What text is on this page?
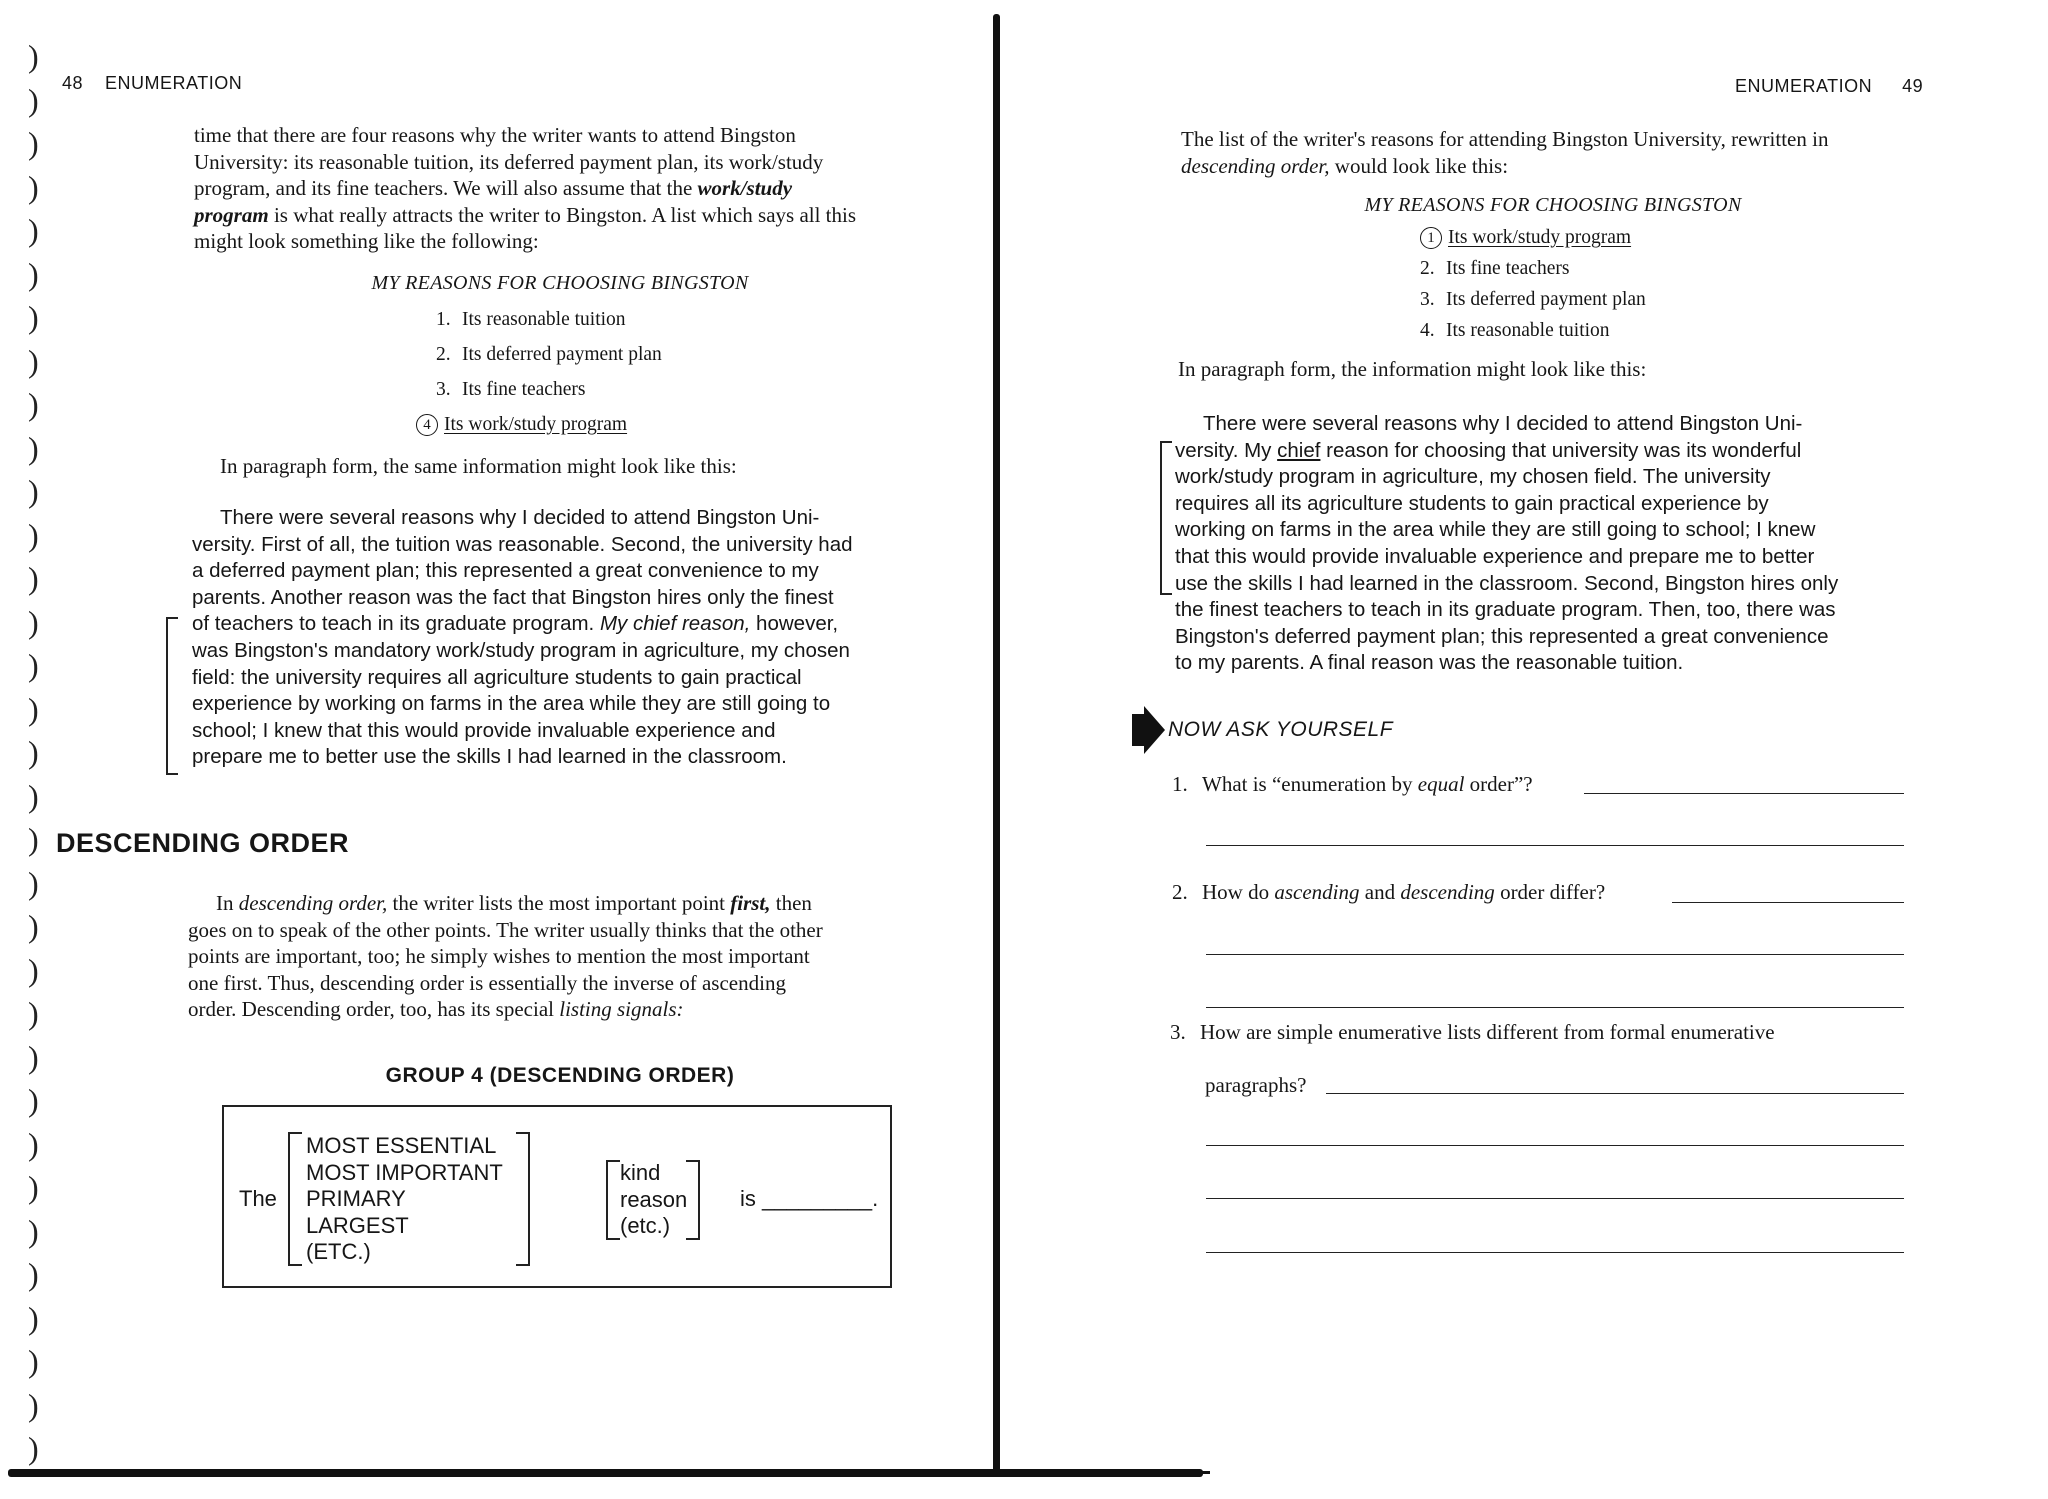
)
)
)
)
)
)
)
)
)
)
)
)
)
)
)
)
)
)
)
)
)
)
)
)
)
)
)
)
)
)
)
)
)
48 ENUMERATION
time that there are four reasons why the writer wants to attend Bingston
University: its reasonable tuition, its deferred payment plan, its work/study
program, and its fine teachers. We will also assume that the work/study
program is what really attracts the writer to Bingston. A list which says all this
might look something like the following:
MY REASONS FOR CHOOSING BINGSTON
1. Its reasonable tuition
2. Its deferred payment plan
3. Its fine teachers
4 Its work/study program
In paragraph form, the same information might look like this:
There were several reasons why I decided to attend Bingston Uni-
versity. First of all, the tuition was reasonable. Second, the university had
a deferred payment plan; this represented a great convenience to my
parents. Another reason was the fact that Bingston hires only the finest
of teachers to teach in its graduate program. My chief reason, however,
was Bingston's mandatory work/study program in agriculture, my chosen
field: the university requires all agriculture students to gain practical
experience by working on farms in the area while they are still going to
school; I knew that this would provide invaluable experience and
prepare me to better use the skills I had learned in the classroom.
DESCENDING ORDER
In descending order, the writer lists the most important point first, then
goes on to speak of the other points. The writer usually thinks that the other
points are important, too; he simply wishes to mention the most important
one first. Thus, descending order is essentially the inverse of ascending
order. Descending order, too, has its special listing signals:
GROUP 4 (DESCENDING ORDER)
The
MOST ESSENTIAL
MOST IMPORTANT
PRIMARY
LARGEST
(ETC.)
kind
reason
(etc.)
is _________.
ENUMERATION 49
The list of the writer's reasons for attending Bingston University, rewritten in
descending order, would look like this:
MY REASONS FOR CHOOSING BINGSTON
1 Its work/study program
2. Its fine teachers
3. Its deferred payment plan
4. Its reasonable tuition
In paragraph form, the information might look like this:
There were several reasons why I decided to attend Bingston Uni-
versity. My chief reason for choosing that university was its wonderful
work/study program in agriculture, my chosen field. The university
requires all its agriculture students to gain practical experience by
working on farms in the area while they are still going to school; I knew
that this would provide invaluable experience and prepare me to better
use the skills I had learned in the classroom. Second, Bingston hires only
the finest teachers to teach in its graduate program. Then, too, there was
Bingston's deferred payment plan; this represented a great convenience
to my parents. A final reason was the reasonable tuition.
NOW ASK YOURSELF
1. What is “enumeration by equal order”?
2. How do ascending and descending order differ?
3. How are simple enumerative lists different from formal enumerative
paragraphs?
